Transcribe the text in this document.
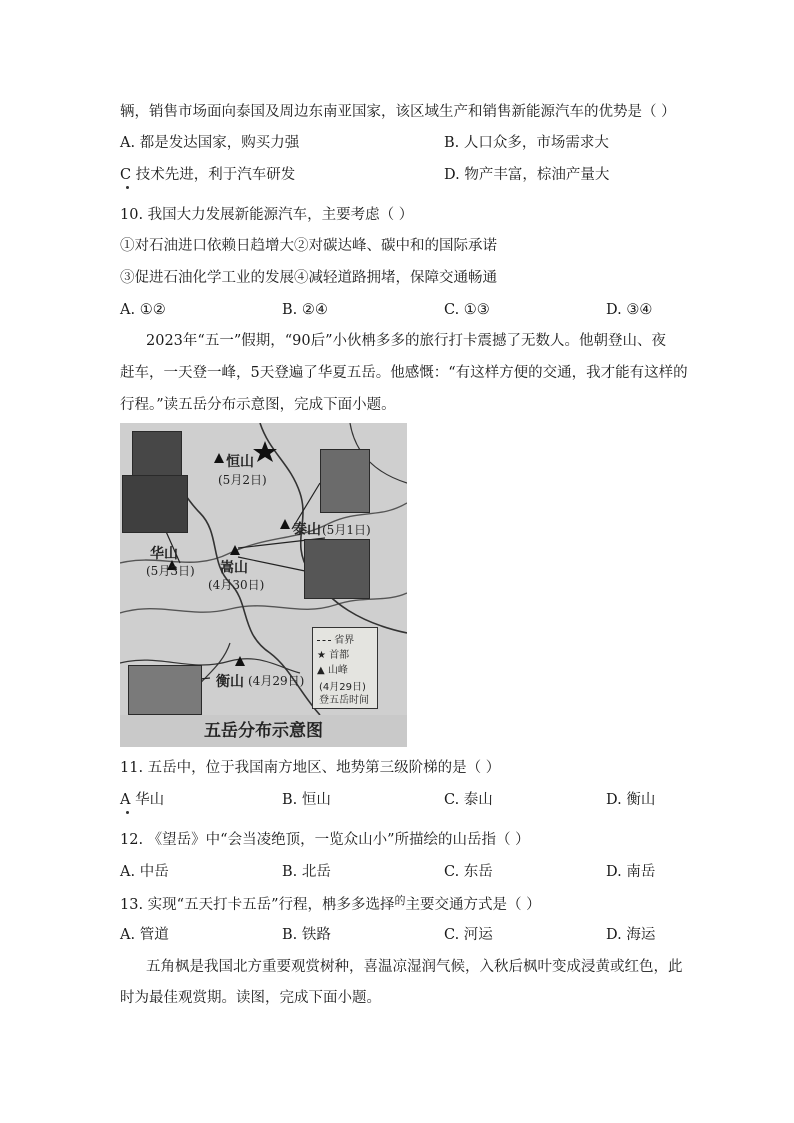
辆，销售市场面向泰国及周边东南亚国家，该区域生产和销售新能源汽车的优势是（ ）
A. 都是发达国家，购买力强	B. 人口众多，市场需求大
C 技术先进，利于汽车研发	D. 物产丰富，棕油产量大
10. 我国大力发展新能源汽车，主要考虑（ ）
①对石油进口依赖日趋增大②对碳达峰、碳中和的国际承诺
③促进石油化学工业的发展④减轻道路拥堵，保障交通畅通
A. ①②	B. ②④	C. ①③	D. ③④
2023年“五一”假期，“90后”小伙柟多多的旅行打卡震撼了无数人。他朝登山、夜
赶车，一天登一峰，5天登遍了华夏五岳。他感慨：“有这样方便的交通，我才能有这样的
行程。”读五岳分布示意图，完成下面小题。
恒山
(5月2日)
泰山 (5月1日)
华山
(5月3日) 嵩山
(4月30日)
衡山 (4月29日)
五岳分布示意图
省界
★ 首都
▲ 山峰
(4月29日)
登五岳时间
11. 五岳中，位于我国南方地区、地势第三级阶梯的是（ ）
A 华山	B. 恒山	C. 泰山	D. 衡山
12. 《望岳》中“会当凌绝顶，一览众山小”所描绘的山岳指（ ）
A. 中岳	B. 北岳	C. 东岳	D. 南岳
13. 实现“五天打卡五岳”行程，柟多多选择$^的$主要交通方式是（ ）
A. 管道	B. 铁路	C. 河运	D. 海运
五角枫是我国北方重要观赏树种，喜温凉湿润气候，入秋后枫叶变成浸黄或红色，此
时为最佳观赏期。读图，完成下面小题。
